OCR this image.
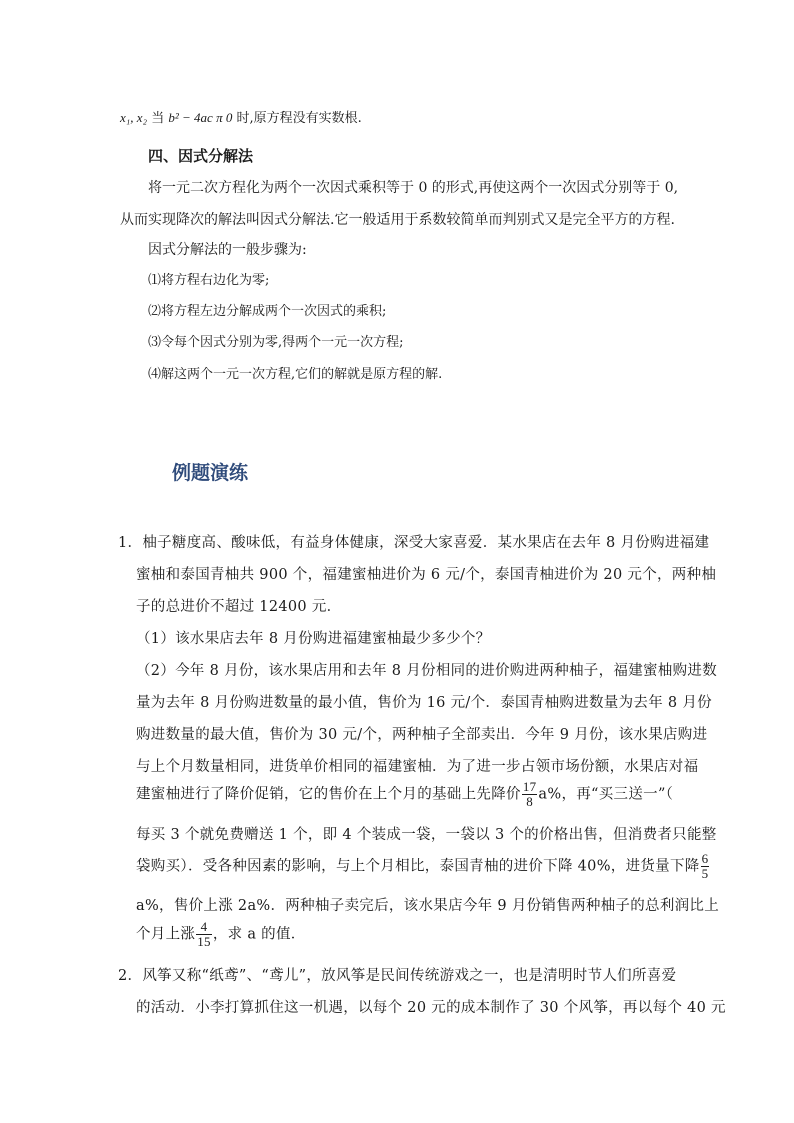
x₁, x₂ 当 b² − 4ac π 0 时,原方程没有实数根.
四、因式分解法
将一元二次方程化为两个一次因式乘积等于 0 的形式,再使这两个一次因式分别等于 0,
从而实现降次的解法叫因式分解法.它一般适用于系数较简单而判别式又是完全平方的方程.
因式分解法的一般步骤为:
⑴将方程右边化为零;
⑵将方程左边分解成两个一次因式的乘积;
⑶令每个因式分别为零,得两个一元一次方程;
⑷解这两个一元一次方程,它们的解就是原方程的解.
例题演练
1．柚子糖度高、酸味低，有益身体健康，深受大家喜爱．某水果店在去年 8 月份购进福建
蜜柚和泰国青柚共 900 个，福建蜜柚进价为 6 元/个，泰国青柚进价为 20 元个，两种柚
子的总进价不超过 12400 元．
（1）该水果店去年 8 月份购进福建蜜柚最少多少个？
（2）今年 8 月份，该水果店用和去年 8 月份相同的进价购进两种柚子，福建蜜柚购进数
量为去年 8 月份购进数量的最小值，售价为 16 元/个．泰国青柚购进数量为去年 8 月份
购进数量的最大值，售价为 30 元/个，两种柚子全部卖出．今年 9 月份，该水果店购进
与上个月数量相同，进货单价相同的福建蜜柚．为了进一步占领市场份额，水果店对福
建蜜柚进行了降价促销，它的售价在上个月的基础上先降价 $\frac{17}{8} a\%$，再“买三送一”（
每买 3 个就免费赠送 1 个，即 4 个装成一袋，一袋以 3 个的价格出售，但消费者只能整
袋购买）．受各种因素的影响，与上个月相比，泰国青柚的进价下降 40%，进货量下降 $\frac{6}{5}$
a%，售价上涨 2a%．两种柚子卖完后，该水果店今年 9 月份销售两种柚子的总利润比上
个月上涨 $\frac{4}{15}$ ，求 a 的值．
2．风筝又称“纸鸢”、“鸢儿”，放风筝是民间传统游戏之一，也是清明时节人们所喜爱
的活动．小李打算抓住这一机遇，以每个 20 元的成本制作了 30 个风筝，再以每个 40 元
